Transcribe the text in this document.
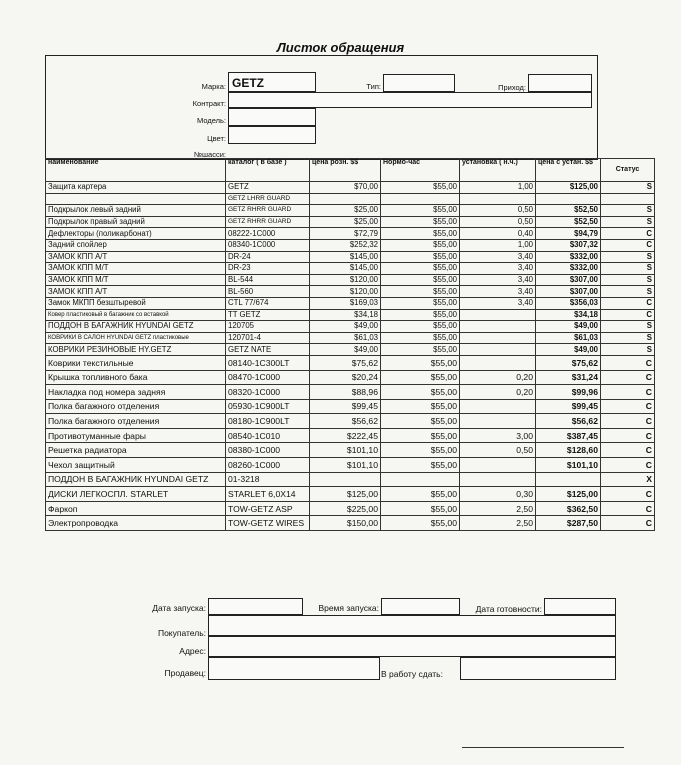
Листок обращения
Марка: GETZ	Тип:	Приход:
Контракт:
Модель:
Цвет:
№шасси:
наименование	каталог ( в базе )	цена розн. $$	Нормо-час	установка ( н.ч.)	цена с устан. $$	Статус
Защита картера	GETZ	$70,00	$55,00	1,00	$125,00	S
	GETZ LHRR GUARD					
Подкрылок левый задний	GETZ RHRR GUARD	$25,00	$55,00	0,50	$52,50	S
Подкрылок правый задний	GETZ RHRR GUARD	$25,00	$55,00	0,50	$52,50	S
Дефлекторы (поликарбонат)	08222-1C000	$72,79	$55,00	0,40	$94,79	C
Задний спойлер	08340-1C000	$252,32	$55,00	1,00	$307,32	C
ЗАМОК КПП А/Т	DR-24	$145,00	$55,00	3,40	$332,00	S
ЗАМОК КПП М/Т	DR-23	$145,00	$55,00	3,40	$332,00	S
ЗАМОК КПП М/Т	BL-544	$120,00	$55,00	3,40	$307,00	S
ЗАМОК КПП А/Т	BL-560	$120,00	$55,00	3,40	$307,00	S
Замок МКПП безштыревой	CTL 77/674	$169,03	$55,00	3,40	$356,03	C
Ковер пластиковый в багажник со вставкой	TT GETZ	$34,18	$55,00		$34,18	C
ПОДДОН В БАГАЖНИК HYUNDAI GETZ	120705	$49,00	$55,00		$49,00	S
КОВРИКИ В САЛОН HYUNDAI GETZ пластиковые	120701-4	$61,03	$55,00		$61,03	S
КОВРИКИ РЕЗИНОВЫЕ HY.GETZ	GETZ NATE	$49,00	$55,00		$49,00	S
Коврики текстильные	08140-1C300LT	$75,62	$55,00		$75,62	C
Крышка топливного бака	08470-1C000	$20,24	$55,00	0,20	$31,24	C
Накладка под номера задняя	08320-1C000	$88,96	$55,00	0,20	$99,96	C
Полка багажного отделения	05930-1C900LT	$99,45	$55,00		$99,45	C
Полка багажного отделения	08180-1C900LT	$56,62	$55,00		$56,62	C
Противотуманные фары	08540-1C010	$222,45	$55,00	3,00	$387,45	C
Решетка радиатора	08380-1C000	$101,10	$55,00	0,50	$128,60	C
Чехол защитный	08260-1C000	$101,10	$55,00		$101,10	C
ПОДДОН В БАГАЖНИК HYUNDAI GETZ	01-3218					X
ДИСКИ ЛЕГКОСПЛ. STARLET	STARLET 6,0X14	$125,00	$55,00	0,30	$125,00	C
Фаркоп	TOW-GETZ ASP	$225,00	$55,00	2,50	$362,50	C
Электропроводка	TOW-GETZ WIRES	$150,00	$55,00	2,50	$287,50	C
Дата запуска:	Время запуска:	Дата готовности:
Покупатель:
Адрес:
Продавец:	В работу сдать:
